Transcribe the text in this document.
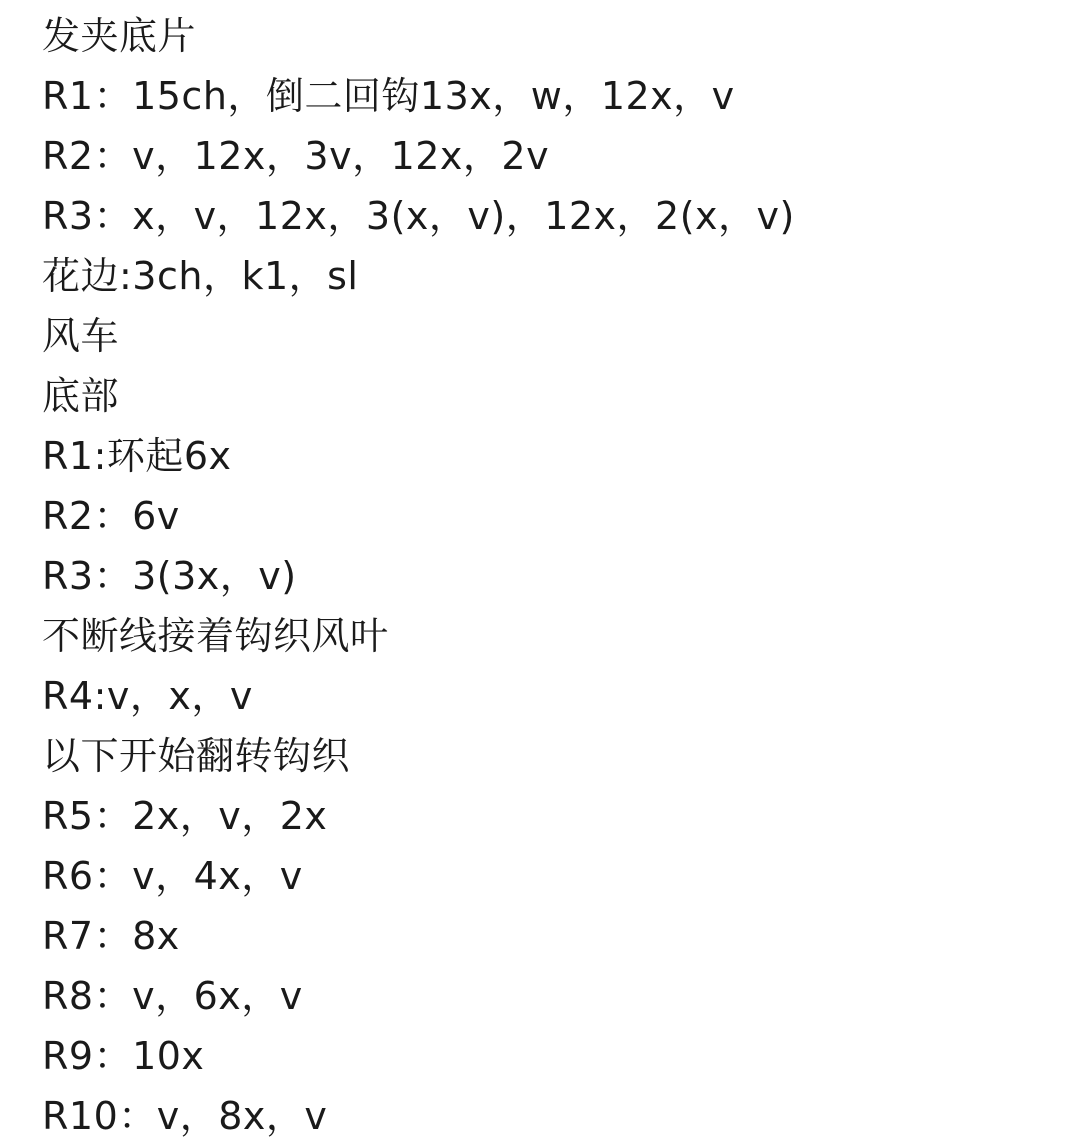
发夹底片
R1：15ch，倒二回钩13x，w，12x，v
R2：v，12x，3v，12x，2v
R3：x，v，12x，3(x，v)，12x，2(x，v)
花边:3ch，k1，sl
风车
底部
R1:环起6x
R2：6v
R3：3(3x，v)
不断线接着钩织风叶
R4:v，x，v
以下开始翻转钩织
R5：2x，v，2x
R6：v，4x，v
R7：8x
R8：v，6x，v
R9：10x
R10：v，8x，v
